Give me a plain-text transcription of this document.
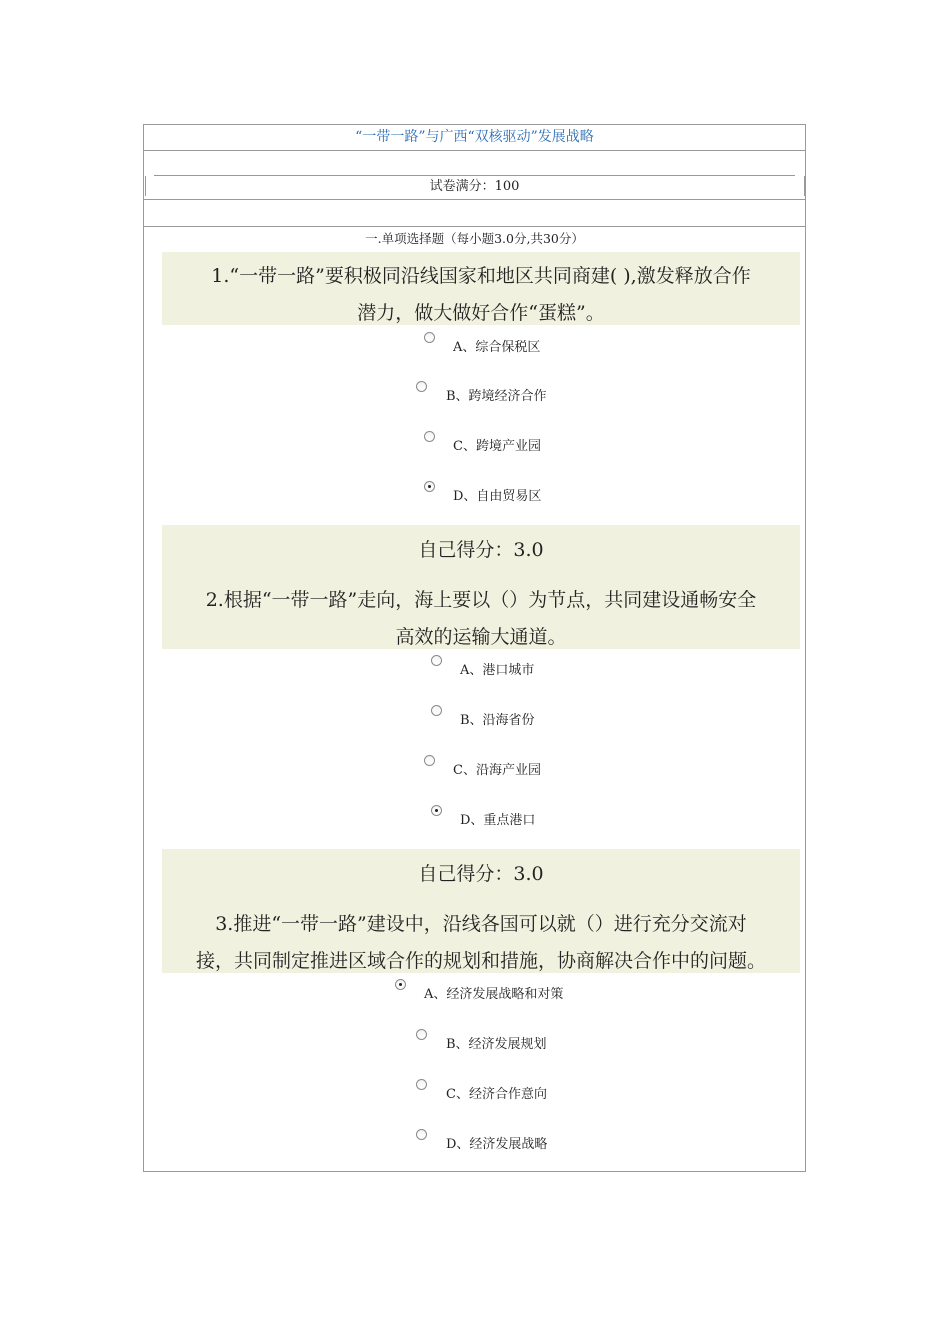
“一带一路”与广西“双核驱动”发展战略
试卷满分：100
一.单项选择题（每小题3.0分,共30分）
1.“一带一路”要积极同沿线国家和地区共同商建( ),激发释放合作
潜力，做大做好合作“蛋糕”。
A、综合保税区
B、跨境经济合作
C、跨境产业园
D、自由贸易区
自己得分：3.0
2.根据“一带一路”走向，海上要以（）为节点，共同建设通畅安全
高效的运输大通道。
A、港口城市
B、沿海省份
C、沿海产业园
D、重点港口
自己得分：3.0
3.推进“一带一路”建设中，沿线各国可以就（）进行充分交流对
接，共同制定推进区域合作的规划和措施，协商解决合作中的问题。
A、经济发展战略和对策
B、经济发展规划
C、经济合作意向
D、经济发展战略
